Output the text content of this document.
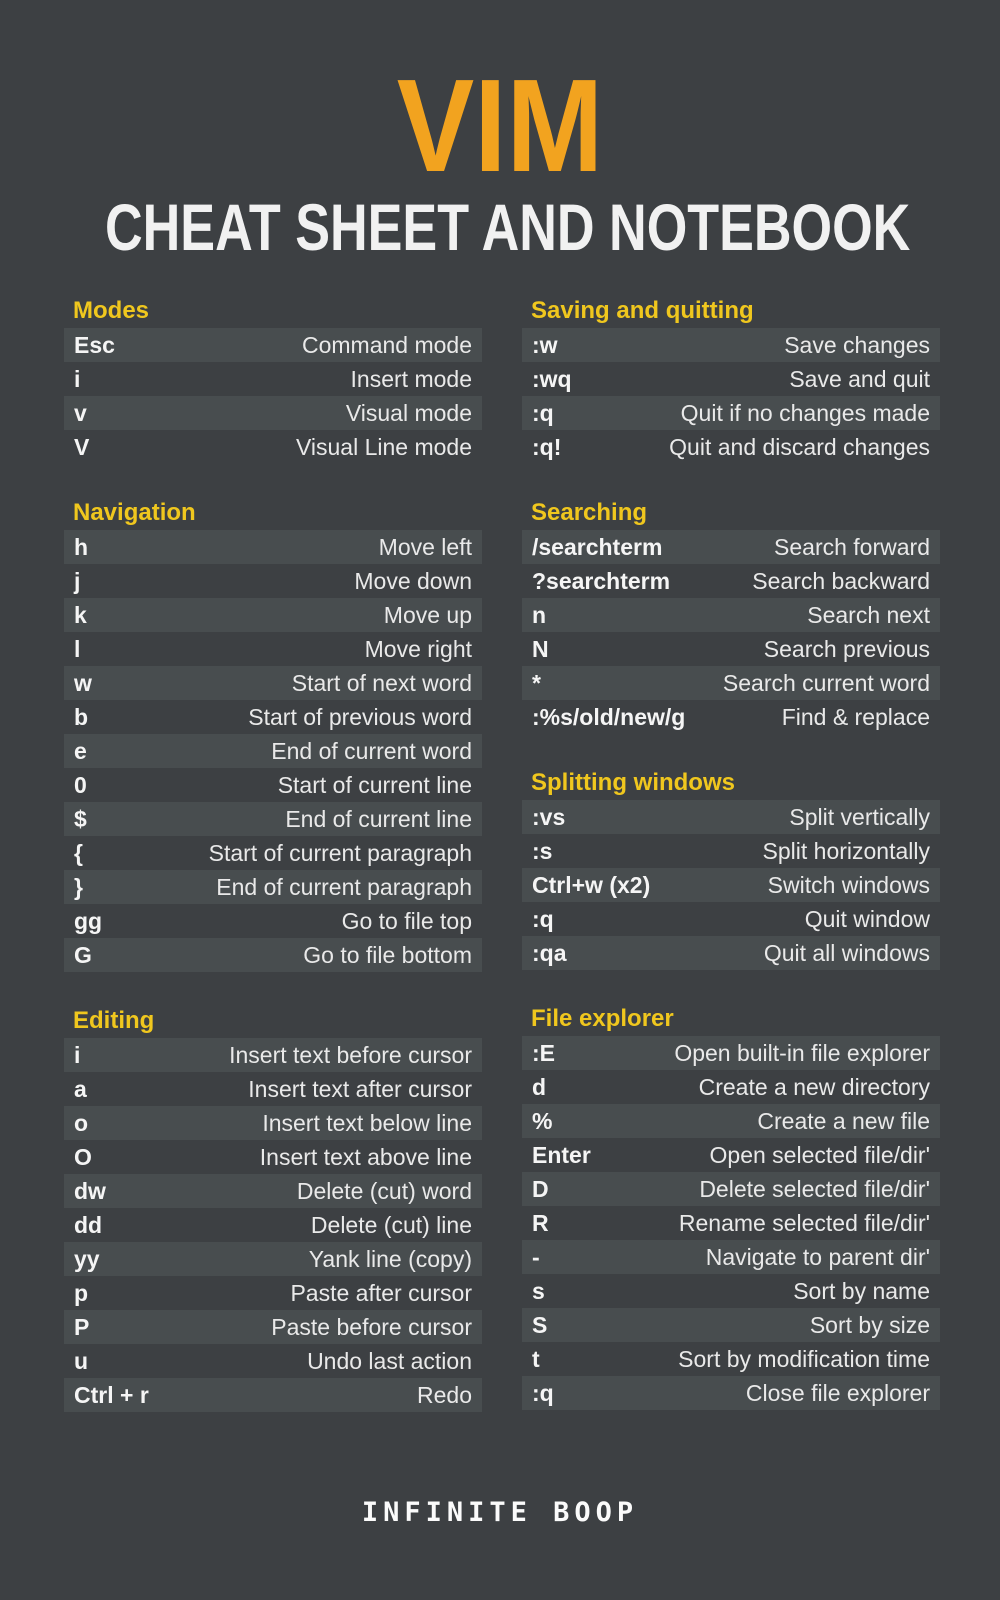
VIM
CHEAT SHEET AND NOTEBOOK
Modes
Esc	Command mode
i	Insert mode
v	Visual mode
V	Visual Line mode
Navigation
h	Move left
j	Move down
k	Move up
l	Move right
w	Start of next word
b	Start of previous word
e	End of current word
0	Start of current line
$	End of current line
{	Start of current paragraph
}	End of current paragraph
gg	Go to file top
G	Go to file bottom
Editing
i	Insert text before cursor
a	Insert text after cursor
o	Insert text below line
O	Insert text above line
dw	Delete (cut) word
dd	Delete (cut) line
yy	Yank line (copy)
p	Paste after cursor
P	Paste before cursor
u	Undo last action
Ctrl + r	Redo
Saving and quitting
:w	Save changes
:wq	Save and quit
:q	Quit if no changes made
:q!	Quit and discard changes
Searching
/searchterm	Search forward
?searchterm	Search backward
n	Search next
N	Search previous
*	Search current word
:%s/old/new/g	Find & replace
Splitting windows
:vs	Split vertically
:s	Split horizontally
Ctrl+w (x2)	Switch windows
:q	Quit window
:qa	Quit all windows
File explorer
:E	Open built-in file explorer
d	Create a new directory
%	Create a new file
Enter	Open selected file/dir'
D	Delete selected file/dir'
R	Rename selected file/dir'
-	Navigate to parent dir'
s	Sort by name
S	Sort by size
t	Sort by modification time
:q	Close file explorer
INFINITE BOOP
